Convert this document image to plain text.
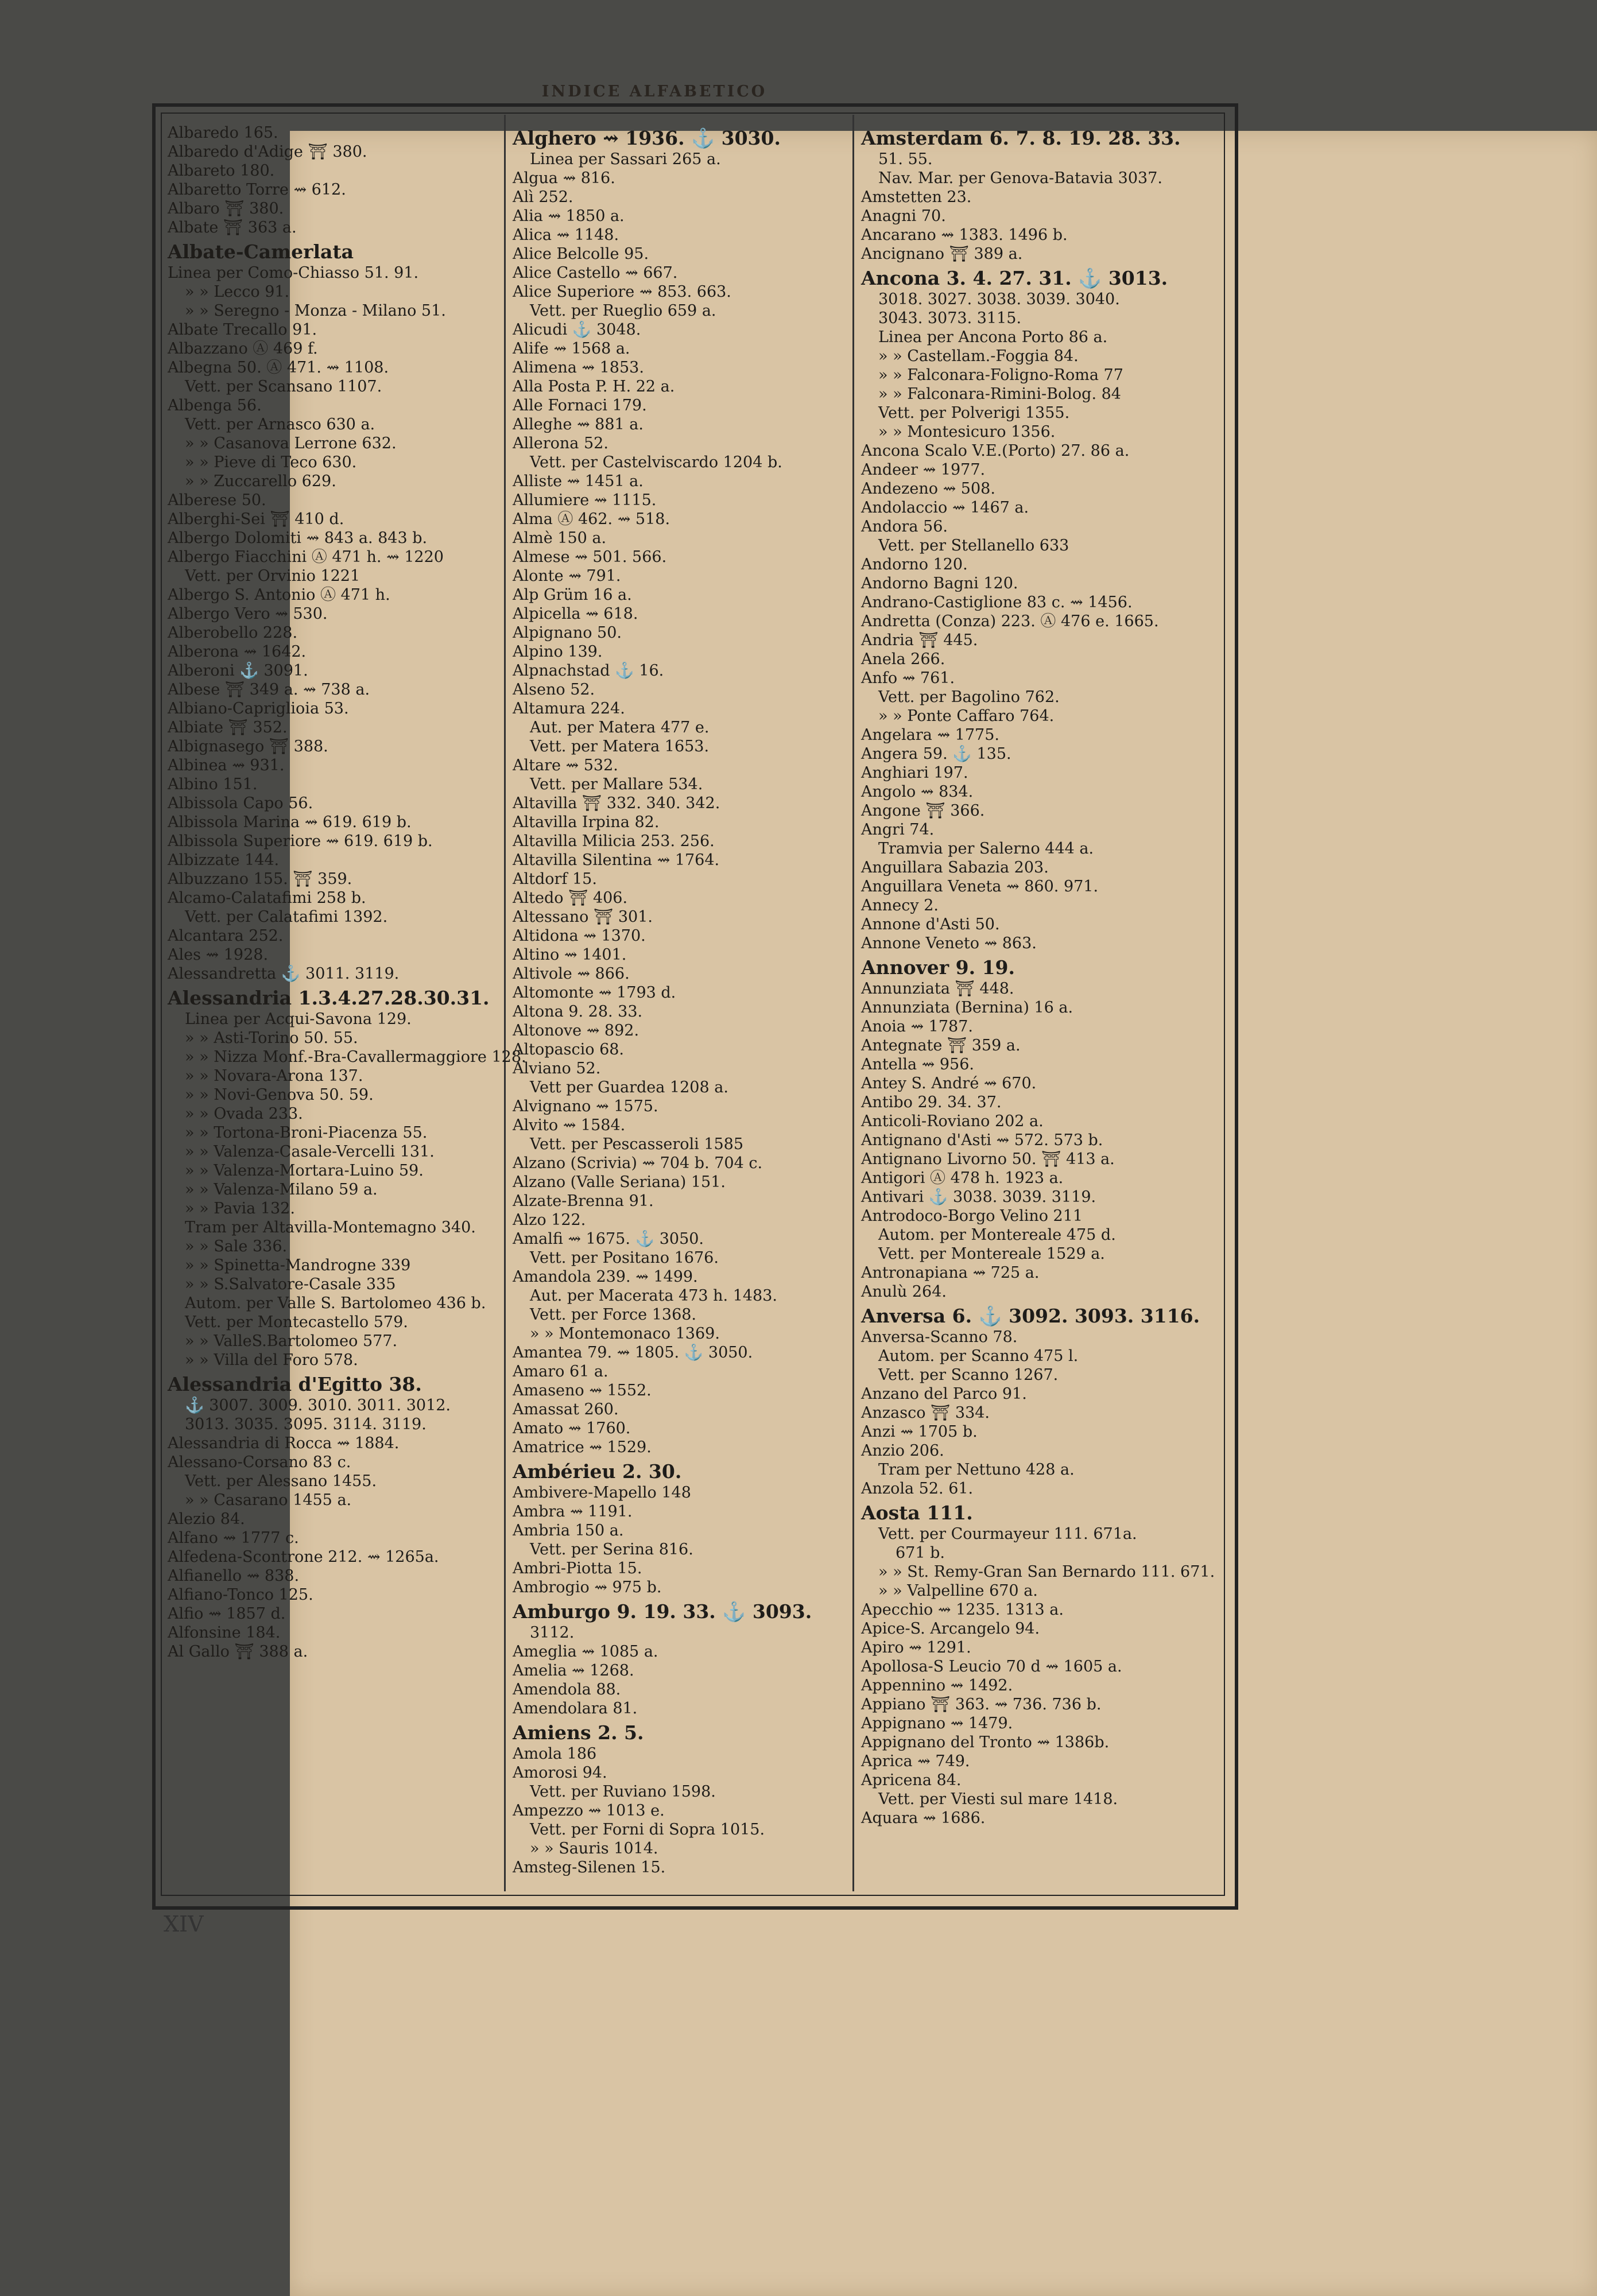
INDICE ALFABETICO
Albaredo 165.
Albaredo d'Adige ⛩ 380.
Albareto 180.
Albaretto Torre ⇝ 612.
Albaro ⛩ 380.
Albate ⛩ 363 a.
Albate-Camerlata
Linea per Como-Chiasso 51. 91.
» » Lecco 91.
» » Seregno - Monza - Milano 51.
Albate Trecallo 91.
Albazzano Ⓐ 469 f.
Albegna 50. Ⓐ 471. ⇝ 1108.
Vett. per Scansano 1107.
Albenga 56.
Vett. per Arnasco 630 a.
» » Casanova Lerrone 632.
» » Pieve di Teco 630.
» » Zuccarello 629.
Alberese 50.
Alberghi-Sei ⛩ 410 d.
Albergo Dolomiti ⇝ 843 a. 843 b.
Albergo Fiacchini Ⓐ 471 h. ⇝ 1220
Vett. per Orvinio 1221
Albergo S. Antonio Ⓐ 471 h.
Albergo Vero ⇝ 530.
Alberobello 228.
Alberona ⇝ 1642.
Alberoni ⚓ 3091.
Albese ⛩ 349 a. ⇝ 738 a.
Albiano-Capriglioia 53.
Albiate ⛩ 352.
Albignasego ⛩ 388.
Albinea ⇝ 931.
Albino 151.
Albissola Capo 56.
Albissola Marina ⇝ 619. 619 b.
Albissola Superiore ⇝ 619. 619 b.
Albizzate 144.
Albuzzano 155. ⛩ 359.
Alcamo-Calatafimi 258 b.
Vett. per Calatafimi 1392.
Alcantara 252.
Ales ⇝ 1928.
Alessandretta ⚓ 3011. 3119.
Alessandria 1.3.4.27.28.30.31.
Linea per Acqui-Savona 129.
» » Asti-Torino 50. 55.
» » Nizza Monf.-Bra-Cavallermaggiore 128.
» » Novara-Arona 137.
» » Novi-Genova 50. 59.
» » Ovada 233.
» » Tortona-Broni-Piacenza 55.
» » Valenza-Casale-Vercelli 131.
» » Valenza-Mortara-Luino 59.
» » Valenza-Milano 59 a.
» » Pavia 132.
Tram per Altavilla-Montemagno 340.
» » Sale 336.
» » Spinetta-Mandrogne 339
» » S.Salvatore-Casale 335
Autom. per Valle S. Bartolomeo 436 b.
Vett. per Montecastello 579.
» » ValleS.Bartolomeo 577.
» » Villa del Foro 578.
Alessandria d'Egitto 38.
⚓ 3007. 3009. 3010. 3011. 3012.
3013. 3035. 3095. 3114. 3119.
Alessandria di Rocca ⇝ 1884.
Alessano-Corsano 83 c.
Vett. per Alessano 1455.
» » Casarano 1455 a.
Alezio 84.
Alfano ⇝ 1777 c.
Alfedena-Scontrone 212. ⇝ 1265a.
Alfianello ⇝ 838.
Alfiano-Tonco 125.
Alfio ⇝ 1857 d.
Alfonsine 184.
Al Gallo ⛩ 388 a.
Alghero ⇝ 1936. ⚓ 3030.
Linea per Sassari 265 a.
Algua ⇝ 816.
Alì 252.
Alia ⇝ 1850 a.
Alica ⇝ 1148.
Alice Belcolle 95.
Alice Castello ⇝ 667.
Alice Superiore ⇝ 853. 663.
Vett. per Rueglio 659 a.
Alicudi ⚓ 3048.
Alife ⇝ 1568 a.
Alimena ⇝ 1853.
Alla Posta P. H. 22 a.
Alle Fornaci 179.
Alleghe ⇝ 881 a.
Allerona 52.
Vett. per Castelviscardo 1204 b.
Alliste ⇝ 1451 a.
Allumiere ⇝ 1115.
Alma Ⓐ 462. ⇝ 518.
Almè 150 a.
Almese ⇝ 501. 566.
Alonte ⇝ 791.
Alp Grüm 16 a.
Alpicella ⇝ 618.
Alpignano 50.
Alpino 139.
Alpnachstad ⚓ 16.
Alseno 52.
Altamura 224.
Aut. per Matera 477 e.
Vett. per Matera 1653.
Altare ⇝ 532.
Vett. per Mallare 534.
Altavilla ⛩ 332. 340. 342.
Altavilla Irpina 82.
Altavilla Milicia 253. 256.
Altavilla Silentina ⇝ 1764.
Altdorf 15.
Altedo ⛩ 406.
Altessano ⛩ 301.
Altidona ⇝ 1370.
Altino ⇝ 1401.
Altivole ⇝ 866.
Altomonte ⇝ 1793 d.
Altona 9. 28. 33.
Altonove ⇝ 892.
Altopascio 68.
Alviano 52.
Vett per Guardea 1208 a.
Alvignano ⇝ 1575.
Alvito ⇝ 1584.
Vett. per Pescasseroli 1585
Alzano (Scrivia) ⇝ 704 b. 704 c.
Alzano (Valle Seriana) 151.
Alzate-Brenna 91.
Alzo 122.
Amalfi ⇝ 1675. ⚓ 3050.
Vett. per Positano 1676.
Amandola 239. ⇝ 1499.
Aut. per Macerata 473 h. 1483.
Vett. per Force 1368.
» » Montemonaco 1369.
Amantea 79. ⇝ 1805. ⚓ 3050.
Amaro 61 a.
Amaseno ⇝ 1552.
Amassat 260.
Amato ⇝ 1760.
Amatrice ⇝ 1529.
Ambérieu 2. 30.
Ambivere-Mapello 148
Ambra ⇝ 1191.
Ambria 150 a.
Vett. per Serina 816.
Ambri-Piotta 15.
Ambrogio ⇝ 975 b.
Amburgo 9. 19. 33. ⚓ 3093.
3112.
Ameglia ⇝ 1085 a.
Amelia ⇝ 1268.
Amendola 88.
Amendolara 81.
Amiens 2. 5.
Amola 186
Amorosi 94.
Vett. per Ruviano 1598.
Ampezzo ⇝ 1013 e.
Vett. per Forni di Sopra 1015.
» » Sauris 1014.
Amsteg-Silenen 15.
Amsterdam 6. 7. 8. 19. 28. 33.
51. 55.
Nav. Mar. per Genova-Batavia 3037.
Amstetten 23.
Anagni 70.
Ancarano ⇝ 1383. 1496 b.
Ancignano ⛩ 389 a.
Ancona 3. 4. 27. 31. ⚓ 3013.
3018. 3027. 3038. 3039. 3040.
3043. 3073. 3115.
Linea per Ancona Porto 86 a.
» » Castellam.-Foggia 84.
» » Falconara-Foligno-Roma 77
» » Falconara-Rimini-Bolog. 84
Vett. per Polverigi 1355.
» » Montesicuro 1356.
Ancona Scalo V.E.(Porto) 27. 86 a.
Andeer ⇝ 1977.
Andezeno ⇝ 508.
Andolaccio ⇝ 1467 a.
Andora 56.
Vett. per Stellanello 633
Andorno 120.
Andorno Bagni 120.
Andrano-Castiglione 83 c. ⇝ 1456.
Andretta (Conza) 223. Ⓐ 476 e. 1665.
Andria ⛩ 445.
Anela 266.
Anfo ⇝ 761.
Vett. per Bagolino 762.
» » Ponte Caffaro 764.
Angelara ⇝ 1775.
Angera 59. ⚓ 135.
Anghiari 197.
Angolo ⇝ 834.
Angone ⛩ 366.
Angri 74.
Tramvia per Salerno 444 a.
Anguillara Sabazia 203.
Anguillara Veneta ⇝ 860. 971.
Annecy 2.
Annone d'Asti 50.
Annone Veneto ⇝ 863.
Annover 9. 19.
Annunziata ⛩ 448.
Annunziata (Bernina) 16 a.
Anoia ⇝ 1787.
Antegnate ⛩ 359 a.
Antella ⇝ 956.
Antey S. André ⇝ 670.
Antibo 29. 34. 37.
Anticoli-Roviano 202 a.
Antignano d'Asti ⇝ 572. 573 b.
Antignano Livorno 50. ⛩ 413 a.
Antigori Ⓐ 478 h. 1923 a.
Antivari ⚓ 3038. 3039. 3119.
Antrodoco-Borgo Velino 211
Autom. per Montereale 475 d.
Vett. per Montereale 1529 a.
Antronapiana ⇝ 725 a.
Anulù 264.
Anversa 6. ⚓ 3092. 3093. 3116.
Anversa-Scanno 78.
Autom. per Scanno 475 l.
Vett. per Scanno 1267.
Anzano del Parco 91.
Anzasco ⛩ 334.
Anzi ⇝ 1705 b.
Anzio 206.
Tram per Nettuno 428 a.
Anzola 52. 61.
Aosta 111.
Vett. per Courmayeur 111. 671a.
671 b.
» » St. Remy-Gran San Bernardo 111. 671.
» » Valpelline 670 a.
Apecchio ⇝ 1235. 1313 a.
Apice-S. Arcangelo 94.
Apiro ⇝ 1291.
Apollosa-S Leucio 70 d ⇝ 1605 a.
Appennino ⇝ 1492.
Appiano ⛩ 363. ⇝ 736. 736 b.
Appignano ⇝ 1479.
Appignano del Tronto ⇝ 1386b.
Aprica ⇝ 749.
Apricena 84.
Vett. per Viesti sul mare 1418.
Aquara ⇝ 1686.
XIV
